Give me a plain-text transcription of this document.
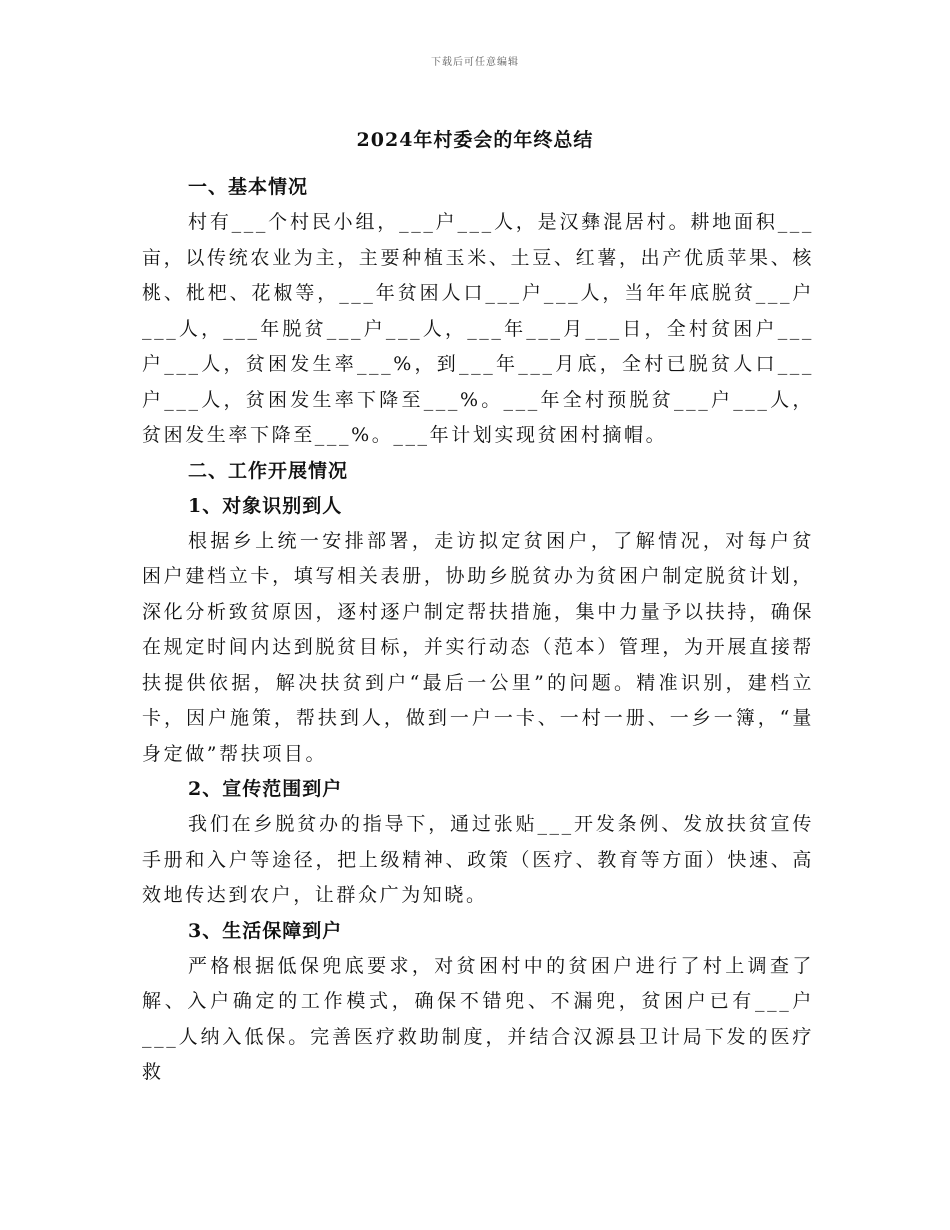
下载后可任意编辑
2024年村委会的年终总结

一、基本情况

村有___个村民小组，___户___人，是汉彝混居村。耕地面积___亩，以传统农业为主，主要种植玉米、土豆、红薯，出产优质苹果、核桃、枇杷、花椒等，___年贫困人口___户___人，当年年底脱贫___户___人，___年脱贫___户___人，___年___月___日，全村贫困户___户___人，贫困发生率___%，到___年___月底，全村已脱贫人口___户___人，贫困发生率下降至___%。___年全村预脱贫___户___人，贫困发生率下降至___%。___年计划实现贫困村摘帽。

二、工作开展情况

1、对象识别到人

根据乡上统一安排部署，走访拟定贫困户，了解情况，对每户贫困户建档立卡，填写相关表册，协助乡脱贫办为贫困户制定脱贫计划，深化分析致贫原因，逐村逐户制定帮扶措施，集中力量予以扶持，确保在规定时间内达到脱贫目标，并实行动态（范本）管理，为开展直接帮扶提供依据，解决扶贫到户“最后一公里”的问题。精准识别，建档立卡，因户施策，帮扶到人，做到一户一卡、一村一册、一乡一簿，“量身定做”帮扶项目。

2、宣传范围到户

我们在乡脱贫办的指导下，通过张贴___开发条例、发放扶贫宣传手册和入户等途径，把上级精神、政策（医疗、教育等方面）快速、高效地传达到农户，让群众广为知晓。

3、生活保障到户

严格根据低保兜底要求，对贫困村中的贫困户进行了村上调查了解、入户确定的工作模式，确保不错兜、不漏兜，贫困户已有___户___人纳入低保。完善医疗救助制度，并结合汉源县卫计局下发的医疗救
